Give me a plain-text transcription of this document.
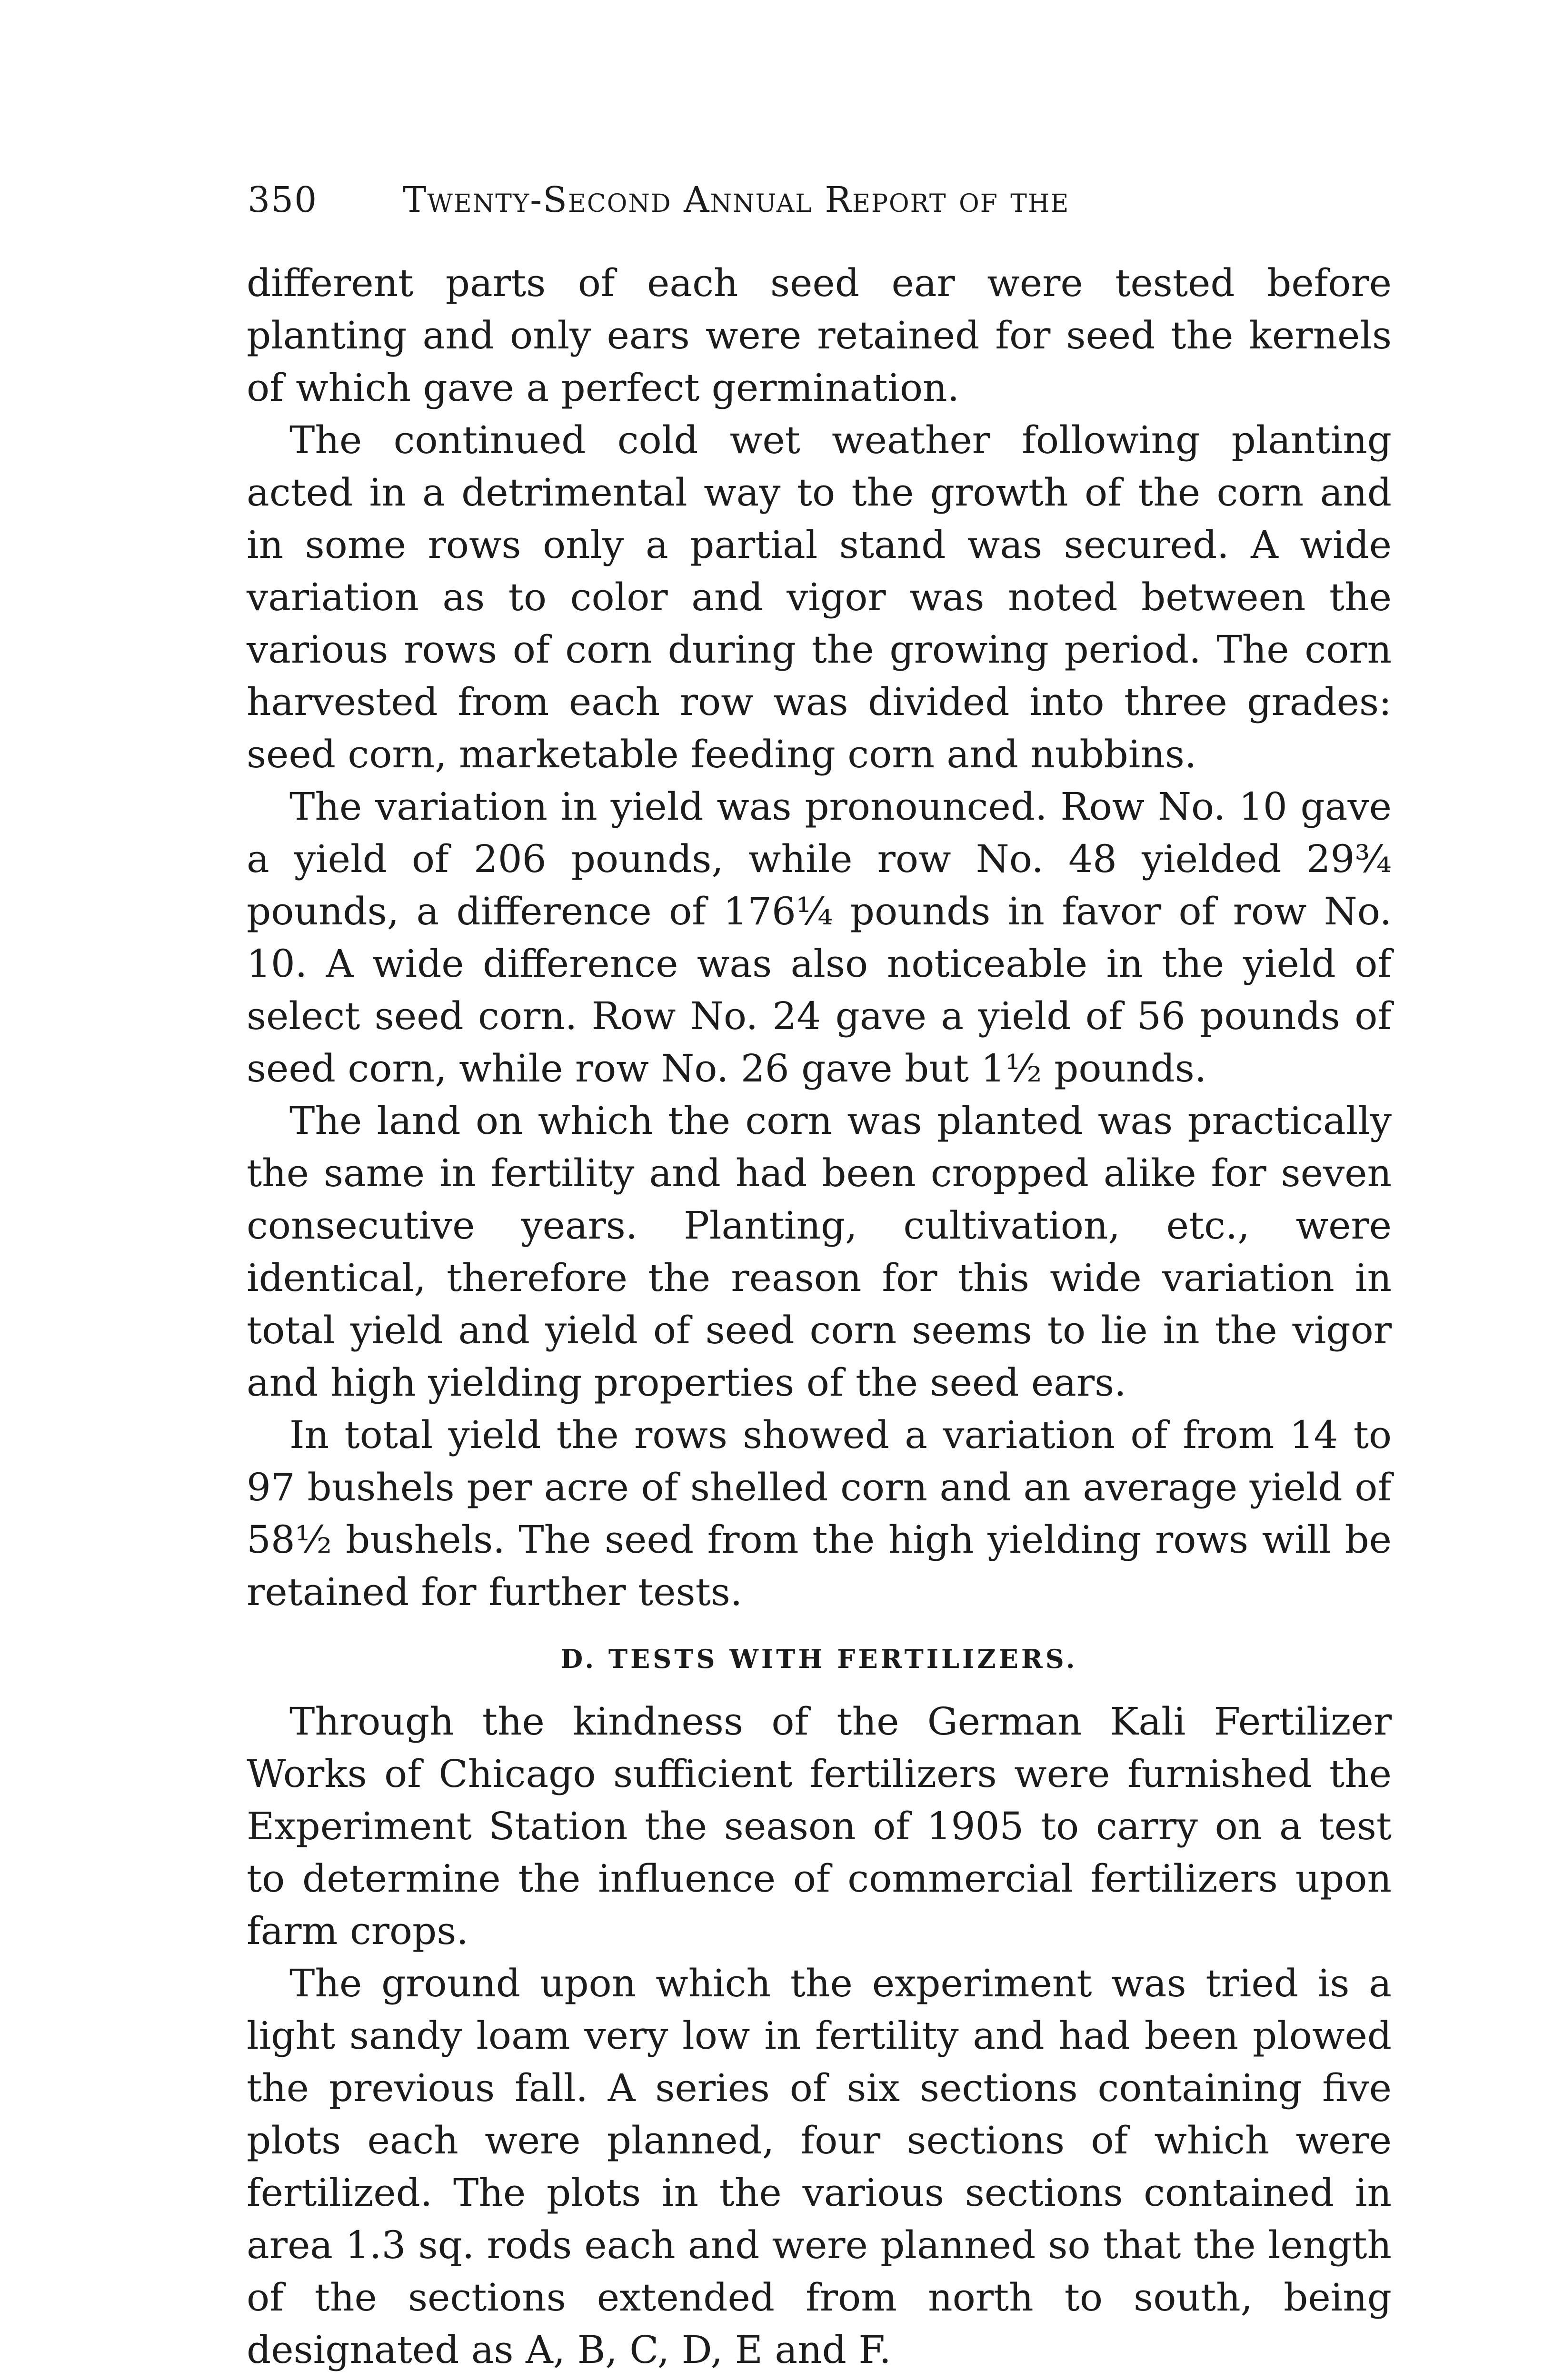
350 Twenty-Second Annual Report of the

different parts of each seed ear were tested before planting and only ears were retained for seed the kernels of which gave a perfect germination.

The continued cold wet weather following planting acted in a detrimental way to the growth of the corn and in some rows only a partial stand was secured. A wide variation as to color and vigor was noted between the various rows of corn during the growing period. The corn harvested from each row was divided into three grades: seed corn, marketable feeding corn and nubbins.

The variation in yield was pronounced. Row No. 10 gave a yield of 206 pounds, while row No. 48 yielded 29¾ pounds, a difference of 176¼ pounds in favor of row No. 10. A wide difference was also noticeable in the yield of select seed corn. Row No. 24 gave a yield of 56 pounds of seed corn, while row No. 26 gave but 1½ pounds.

The land on which the corn was planted was practically the same in fertility and had been cropped alike for seven consecutive years. Planting, cultivation, etc., were identical, therefore the reason for this wide variation in total yield and yield of seed corn seems to lie in the vigor and high yielding properties of the seed ears.

In total yield the rows showed a variation of from 14 to 97 bushels per acre of shelled corn and an average yield of 58½ bushels. The seed from the high yielding rows will be retained for further tests.

D. TESTS WITH FERTILIZERS.

Through the kindness of the German Kali Fertilizer Works of Chicago sufficient fertilizers were furnished the Experiment Station the season of 1905 to carry on a test to determine the influence of commercial fertilizers upon farm crops.

The ground upon which the experiment was tried is a light sandy loam very low in fertility and had been plowed the previous fall. A series of six sections containing five plots each were planned, four sections of which were fertilized. The plots in the various sections contained in area 1.3 sq. rods each and were planned so that the length of the sections extended from north to south, being designated as A, B, C, D, E and F.
